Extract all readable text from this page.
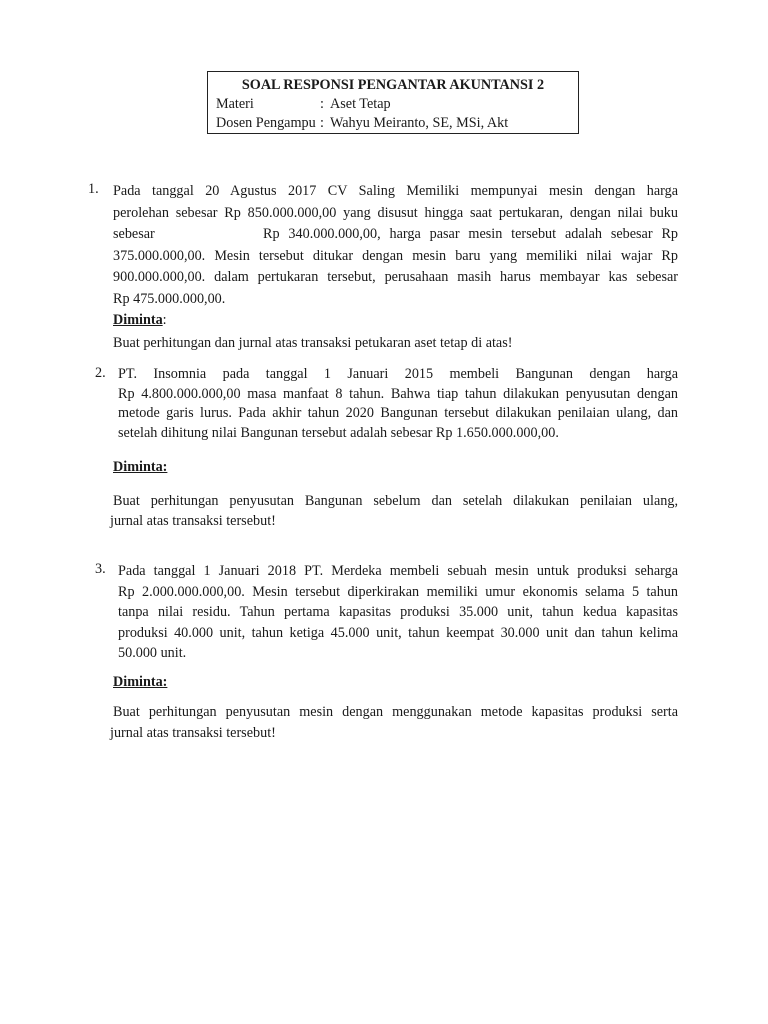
SOAL RESPONSI PENGANTAR AKUNTANSI 2
Materi	: Aset Tetap
Dosen Pengampu : Wahyu Meiranto, SE, MSi, Akt
1. Pada tanggal 20 Agustus 2017 CV Saling Memiliki mempunyai mesin dengan harga
perolehan sebesar Rp 850.000.000,00 yang disusut hingga saat pertukaran, dengan nilai buku
sebesar	Rp 340.000.000,00, harga pasar mesin tersebut adalah sebesar Rp
375.000.000,00. Mesin tersebut ditukar dengan mesin baru yang memiliki nilai wajar Rp
900.000.000,00. dalam pertukaran tersebut, perusahaan masih harus membayar kas sebesar
Rp 475.000.000,00.
Diminta:
Buat perhitungan dan jurnal atas transaksi petukaran aset tetap di atas!
2. PT. Insomnia pada tanggal 1 Januari 2015 membeli Bangunan dengan harga
Rp 4.800.000.000,00 masa manfaat 8 tahun. Bahwa tiap tahun dilakukan penyusutan dengan
metode garis lurus. Pada akhir tahun 2020 Bangunan tersebut dilakukan penilaian ulang, dan
setelah dihitung nilai Bangunan tersebut adalah sebesar Rp 1.650.000.000,00.
Diminta:
Buat perhitungan penyusutan Bangunan sebelum dan setelah dilakukan penilaian ulang,
jurnal atas transaksi tersebut!
3. Pada tanggal 1 Januari 2018 PT. Merdeka membeli sebuah mesin untuk produksi seharga
Rp 2.000.000.000,00. Mesin tersebut diperkirakan memiliki umur ekonomis selama 5 tahun
tanpa nilai residu. Tahun pertama kapasitas produksi 35.000 unit, tahun kedua kapasitas
produksi 40.000 unit, tahun ketiga 45.000 unit, tahun keempat 30.000 unit dan tahun kelima
50.000 unit.
Diminta:
Buat perhitungan penyusutan mesin dengan menggunakan metode kapasitas produksi serta
jurnal atas transaksi tersebut!
